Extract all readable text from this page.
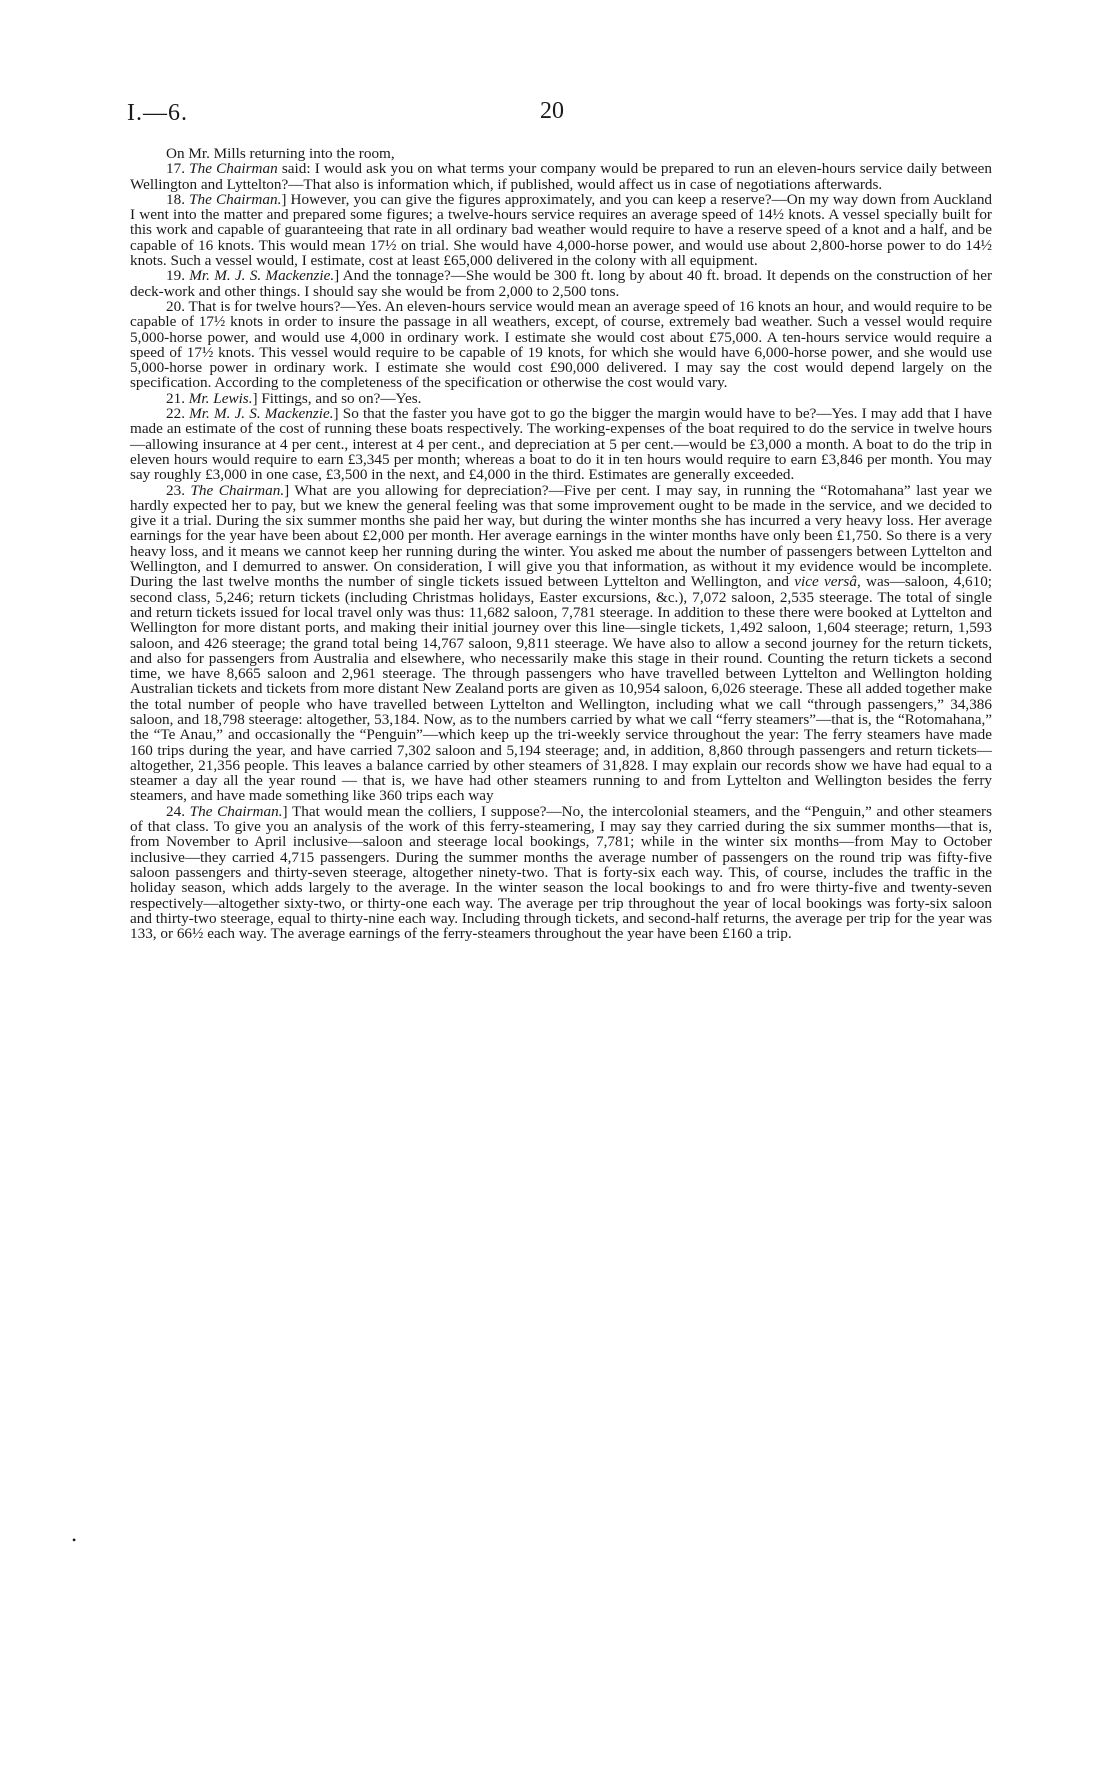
I.—6.	20

On Mr. Mills returning into the room,

17. The Chairman said: I would ask you on what terms your company would be prepared to run an eleven-hours service daily between Wellington and Lyttelton?—That also is information which, if published, would affect us in case of negotiations afterwards.

18. The Chairman.] However, you can give the figures approximately, and you can keep a reserve?—On my way down from Auckland I went into the matter and prepared some figures; a twelve-hours service requires an average speed of 14½ knots. A vessel specially built for this work and capable of guaranteeing that rate in all ordinary bad weather would require to have a reserve speed of a knot and a half, and be capable of 16 knots. This would mean 17½ on trial. She would have 4,000-horse power, and would use about 2,800-horse power to do 14½ knots. Such a vessel would, I estimate, cost at least £65,000 delivered in the colony with all equipment.

19. Mr. M. J. S. Mackenzie.] And the tonnage?—She would be 300 ft. long by about 40 ft. broad. It depends on the construction of her deck-work and other things. I should say she would be from 2,000 to 2,500 tons.

20. That is for twelve hours?—Yes. An eleven-hours service would mean an average speed of 16 knots an hour, and would require to be capable of 17½ knots in order to insure the passage in all weathers, except, of course, extremely bad weather. Such a vessel would require 5,000-horse power, and would use 4,000 in ordinary work. I estimate she would cost about £75,000. A ten-hours service would require a speed of 17½ knots. This vessel would require to be capable of 19 knots, for which she would have 6,000-horse power, and she would use 5,000-horse power in ordinary work. I estimate she would cost £90,000 delivered. I may say the cost would depend largely on the specification. According to the completeness of the specification or otherwise the cost would vary.

21. Mr. Lewis.] Fittings, and so on?—Yes.

22. Mr. M. J. S. Mackenzie.] So that the faster you have got to go the bigger the margin would have to be?—Yes. I may add that I have made an estimate of the cost of running these boats respectively. The working-expenses of the boat required to do the service in twelve hours—allowing insurance at 4 per cent., interest at 4 per cent., and depreciation at 5 per cent.—would be £3,000 a month. A boat to do the trip in eleven hours would require to earn £3,345 per month; whereas a boat to do it in ten hours would require to earn £3,846 per month. You may say roughly £3,000 in one case, £3,500 in the next, and £4,000 in the third. Estimates are generally exceeded.

23. The Chairman.] What are you allowing for depreciation?—Five per cent. I may say, in running the “Rotomahana” last year we hardly expected her to pay, but we knew the general feeling was that some improvement ought to be made in the service, and we decided to give it a trial. During the six summer months she paid her way, but during the winter months she has incurred a very heavy loss. Her average earnings for the year have been about £2,000 per month. Her average earnings in the winter months have only been £1,750. So there is a very heavy loss, and it means we cannot keep her running during the winter. You asked me about the number of passengers between Lyttelton and Wellington, and I demurred to answer. On consideration, I will give you that information, as without it my evidence would be incomplete. During the last twelve months the number of single tickets issued between Lyttelton and Wellington, and vice versâ, was—saloon, 4,610; second class, 5,246; return tickets (including Christmas holidays, Easter excursions, &c.), 7,072 saloon, 2,535 steerage. The total of single and return tickets issued for local travel only was thus: 11,682 saloon, 7,781 steerage. In addition to these there were booked at Lyttelton and Wellington for more distant ports, and making their initial journey over this line—single tickets, 1,492 saloon, 1,604 steerage; return, 1,593 saloon, and 426 steerage; the grand total being 14,767 saloon, 9,811 steerage. We have also to allow a second journey for the return tickets, and also for passengers from Australia and elsewhere, who necessarily make this stage in their round. Counting the return tickets a second time, we have 8,665 saloon and 2,961 steerage. The through passengers who have travelled between Lyttelton and Wellington holding Australian tickets and tickets from more distant New Zealand ports are given as 10,954 saloon, 6,026 steerage. These all added together make the total number of people who have travelled between Lyttelton and Wellington, including what we call “through passengers,” 34,386 saloon, and 18,798 steerage: altogether, 53,184. Now, as to the numbers carried by what we call “ferry steamers”—that is, the “Rotomahana,” the “Te Anau,” and occasionally the “Penguin”—which keep up the tri-weekly service throughout the year: The ferry steamers have made 160 trips during the year, and have carried 7,302 saloon and 5,194 steerage; and, in addition, 8,860 through passengers and return tickets—altogether, 21,356 people. This leaves a balance carried by other steamers of 31,828. I may explain our records show we have had equal to a steamer a day all the year round — that is, we have had other steamers running to and from Lyttelton and Wellington besides the ferry steamers, and have made something like 360 trips each way

24. The Chairman.] That would mean the colliers, I suppose?—No, the intercolonial steamers, and the “Penguin,” and other steamers of that class. To give you an analysis of the work of this ferry-steamering, I may say they carried during the six summer months—that is, from November to April inclusive—saloon and steerage local bookings, 7,781; while in the winter six months—from May to October inclusive—they carried 4,715 passengers. During the summer months the average number of passengers on the round trip was fifty-five saloon passengers and thirty-seven steerage, altogether ninety-two. That is forty-six each way. This, of course, includes the traffic in the holiday season, which adds largely to the average. In the winter season the local bookings to and fro were thirty-five and twenty-seven respectively—altogether sixty-two, or thirty-one each way. The average per trip throughout the year of local bookings was forty-six saloon and thirty-two steerage, equal to thirty-nine each way. Including through tickets, and second-half returns, the average per trip for the year was 133, or 66½ each way. The average earnings of the ferry-steamers throughout the year have been £160 a trip.

•
